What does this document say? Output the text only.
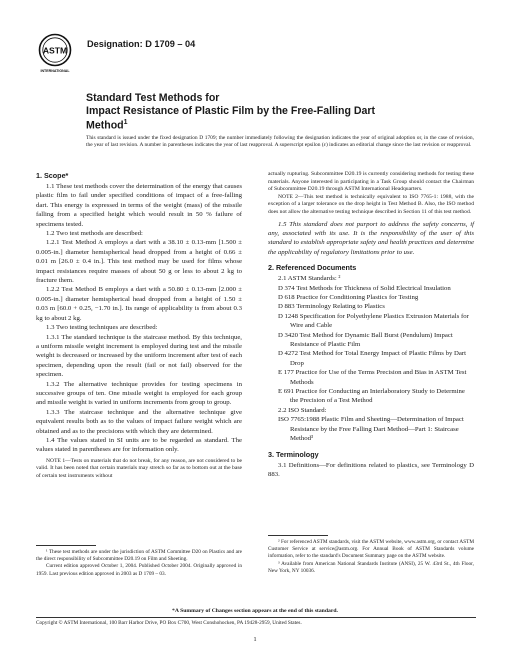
ASTM
INTERNATIONAL
Designation: D 1709 – 04
Standard Test Methods for
Impact Resistance of Plastic Film by the Free-Falling Dart
Method$^1$
This standard is issued under the fixed designation D 1709; the number immediately following the designation indicates the year of original adoption or, in the case of revision, the year of last revision. A number in parentheses indicates the year of last reapproval. A superscript epsilon (ε) indicates an editorial change since the last revision or reapproval.
1. Scope*

1.1 These test methods cover the determination of the energy that causes plastic film to fail under specified conditions of impact of a free-falling dart. This energy is expressed in terms of the weight (mass) of the missile falling from a specified height which would result in 50 % failure of specimens tested.

1.2 Two test methods are described:

1.2.1 Test Method A employs a dart with a 38.10 ± 0.13-mm [1.500 ± 0.005-in.] diameter hemispherical head dropped from a height of 0.66 ± 0.01 m [26.0 ± 0.4 in.]. This test method may be used for films whose impact resistances require masses of about 50 g or less to about 2 kg to fracture them.

1.2.2 Test Method B employs a dart with a 50.80 ± 0.13-mm [2.000 ± 0.005-in.] diameter hemispherical head dropped from a height of 1.50 ± 0.03 m [60.0 + 0.25, −1.70 in.]. Its range of applicability is from about 0.3 kg to about 2 kg.

1.3 Two testing techniques are described:

1.3.1 The standard technique is the staircase method. By this technique, a uniform missile weight increment is employed during test and the missile weight is decreased or increased by the uniform increment after test of each specimen, depending upon the result (fail or not fail) observed for the specimen.

1.3.2 The alternative technique provides for testing specimens in successive groups of ten. One missile weight is employed for each group and missile weight is varied in uniform increments from group to group.

1.3.3 The staircase technique and the alternative technique give equivalent results both as to the values of impact failure weight which are obtained and as to the precisions with which they are determined.

1.4 The values stated in SI units are to be regarded as standard. The values stated in parentheses are for information only.

NOTE 1—Tests on materials that do not break, for any reason, are not considered to be valid. It has been noted that certain materials may stretch so far as to bottom out at the base of certain test instruments without

actually rupturing. Subcommittee D20.19 is currently considering methods for testing these materials. Anyone interested in participating in a Task Group should contact the Chairman of Subcommittee D20.19 through ASTM International Headquarters.

NOTE 2—This test method is technically equivalent to ISO 7765-1: 1988, with the exception of a larger tolerance on the drop height in Test Method B. Also, the ISO method does not allow the alternative testing technique described in Section 11 of this test method.

1.5 This standard does not purport to address the safety concerns, if any, associated with its use. It is the responsibility of the user of this standard to establish appropriate safety and health practices and determine the applicability of regulatory limitations prior to use.

2. Referenced Documents

2.1 ASTM Standards: ²

D 374 Test Methods for Thickness of Solid Electrical Insulation

D 618 Practice for Conditioning Plastics for Testing

D 883 Terminology Relating to Plastics

D 1248 Specification for Polyethylene Plastics Extrusion Materials for Wire and Cable

D 3420 Test Method for Dynamic Ball Burst (Pendulum) Impact Resistance of Plastic Film

D 4272 Test Method for Total Energy Impact of Plastic Films by Dart Drop

E 177 Practice for Use of the Terms Precision and Bias in ASTM Test Methods

E 691 Practice for Conducting an Interlaboratory Study to Determine the Precision of a Test Method

2.2 ISO Standard:

ISO 7765:1988 Plastic Film and Sheeting—Determination of Impact Resistance by the Free Falling Dart Method—Part 1: Staircase Method³

3. Terminology

3.1 Definitions—For definitions related to plastics, see Terminology D 883.

¹ These test methods are under the jurisdiction of ASTM Committee D20 on Plastics and are the direct responsibility of Subcommittee D20.19 on Film and Sheeting.

Current edition approved October 1, 2004. Published October 2004. Originally approved in 1959. Last previous edition approved in 2003 as D 1709 – 03.

² For referenced ASTM standards, visit the ASTM website, www.astm.org, or contact ASTM Customer Service at service@astm.org. For Annual Book of ASTM Standards volume information, refer to the standard's Document Summary page on the ASTM website.

³ Available from American National Standards Institute (ANSI), 25 W. 43rd St., 4th Floor, New York, NY 10036.

*A Summary of Changes section appears at the end of this standard.
Copyright © ASTM International, 100 Barr Harbor Drive, PO Box C700, West Conshohocken, PA 19428-2959, United States.
1
